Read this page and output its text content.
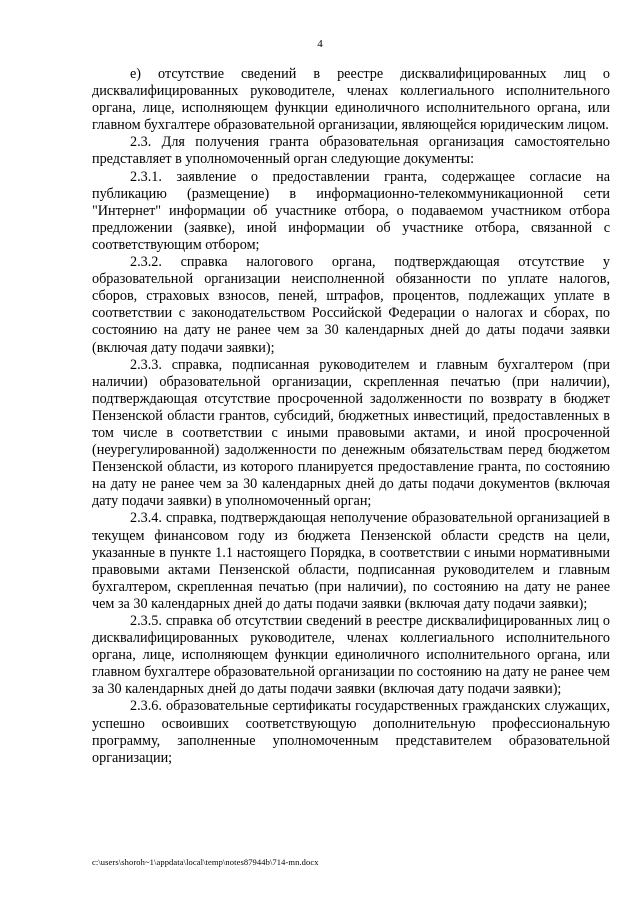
4

е) отсутствие сведений в реестре дисквалифицированных лиц о дисквалифицированных руководителе, членах коллегиального исполнительного органа, лице, исполняющем функции единоличного исполнительного органа, или главном бухгалтере образовательной организации, являющейся юридическим лицом.

2.3. Для получения гранта образовательная организация самостоятельно представляет в уполномоченный орган следующие документы:

2.3.1. заявление о предоставлении гранта, содержащее согласие на публикацию (размещение) в информационно-телекоммуникационной сети "Интернет" информации об участнике отбора, о подаваемом участником отбора предложении (заявке), иной информации об участнике отбора, связанной с соответствующим отбором;

2.3.2. справка налогового органа, подтверждающая отсутствие у образовательной организации неисполненной обязанности по уплате налогов, сборов, страховых взносов, пеней, штрафов, процентов, подлежащих уплате в соответствии с законодательством Российской Федерации о налогах и сборах, по состоянию на дату не ранее чем за 30 календарных дней до даты подачи заявки (включая дату подачи заявки);

2.3.3. справка, подписанная руководителем и главным бухгалтером (при наличии) образовательной организации, скрепленная печатью (при наличии), подтверждающая отсутствие просроченной задолженности по возврату в бюджет Пензенской области грантов, субсидий, бюджетных инвестиций, предоставленных в том числе в соответствии с иными правовыми актами, и иной просроченной (неурегулированной) задолженности по денежным обязательствам перед бюджетом Пензенской области, из которого планируется предоставление гранта, по состоянию на дату не ранее чем за 30 календарных дней до даты подачи документов (включая дату подачи заявки) в уполномоченный орган;

2.3.4. справка, подтверждающая неполучение образовательной организацией в текущем финансовом году из бюджета Пензенской области средств на цели, указанные в пункте 1.1 настоящего Порядка, в соответствии с иными нормативными правовыми актами Пензенской области, подписанная руководителем и главным бухгалтером, скрепленная печатью (при наличии), по состоянию на дату не ранее чем за 30 календарных дней до даты подачи заявки (включая дату подачи заявки);

2.3.5. справка об отсутствии сведений в реестре дисквалифицированных лиц о дисквалифицированных руководителе, членах коллегиального исполнительного органа, лице, исполняющем функции единоличного исполнительного органа, или главном бухгалтере образовательной организации по состоянию на дату не ранее чем за 30 календарных дней до даты подачи заявки (включая дату подачи заявки);

2.3.6. образовательные сертификаты государственных гражданских служащих, успешно освоивших соответствующую дополнительную профессиональную программу, заполненные уполномоченным представителем образовательной организации;

c:\users\shoroh~1\appdata\local\temp\notes87944b\714-mn.docx
